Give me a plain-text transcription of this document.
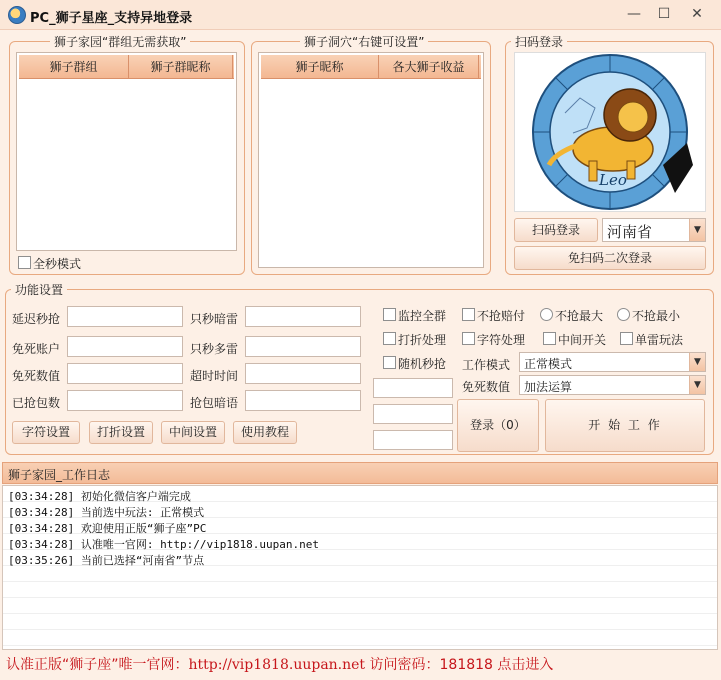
PC_狮子星座_支持异地登录	—	☐	✕
狮子家园“群组无需获取”
狮子群组	狮子群昵称
全秒模式
狮子洞穴“右键可设置”
狮子昵称	各大狮子收益
扫码登录
Leo
扫码登录	河南省	▼
免扫码二次登录
功能设置
延迟秒抢
免死账户
免死数值
已抢包数
只秒暗雷
只秒多雷
超时时间
抢包暗语
字符设置	打折设置	中间设置	使用教程
监控全群	不抢赔付 不抢最大 不抢最小
打折处理	字符处理	中间开关 单雷玩法
随机秒抢 工作模式 正常模式	▼
免死数值 加法运算	▼
登录（0）	开 始 工 作
狮子家园_工作日志
[03:34:28] 初始化微信客户端完成
[03:34:28] 当前选中玩法: 正常模式
[03:34:28] 欢迎使用正版“狮子座”PC
[03:34:28] 认准唯一官网: http://vip1818.uupan.net
[03:35:26] 当前已选择“河南省”节点
认准正版“狮子座”唯一官网：http://vip1818.uupan.net 访问密码：181818 点击进入
